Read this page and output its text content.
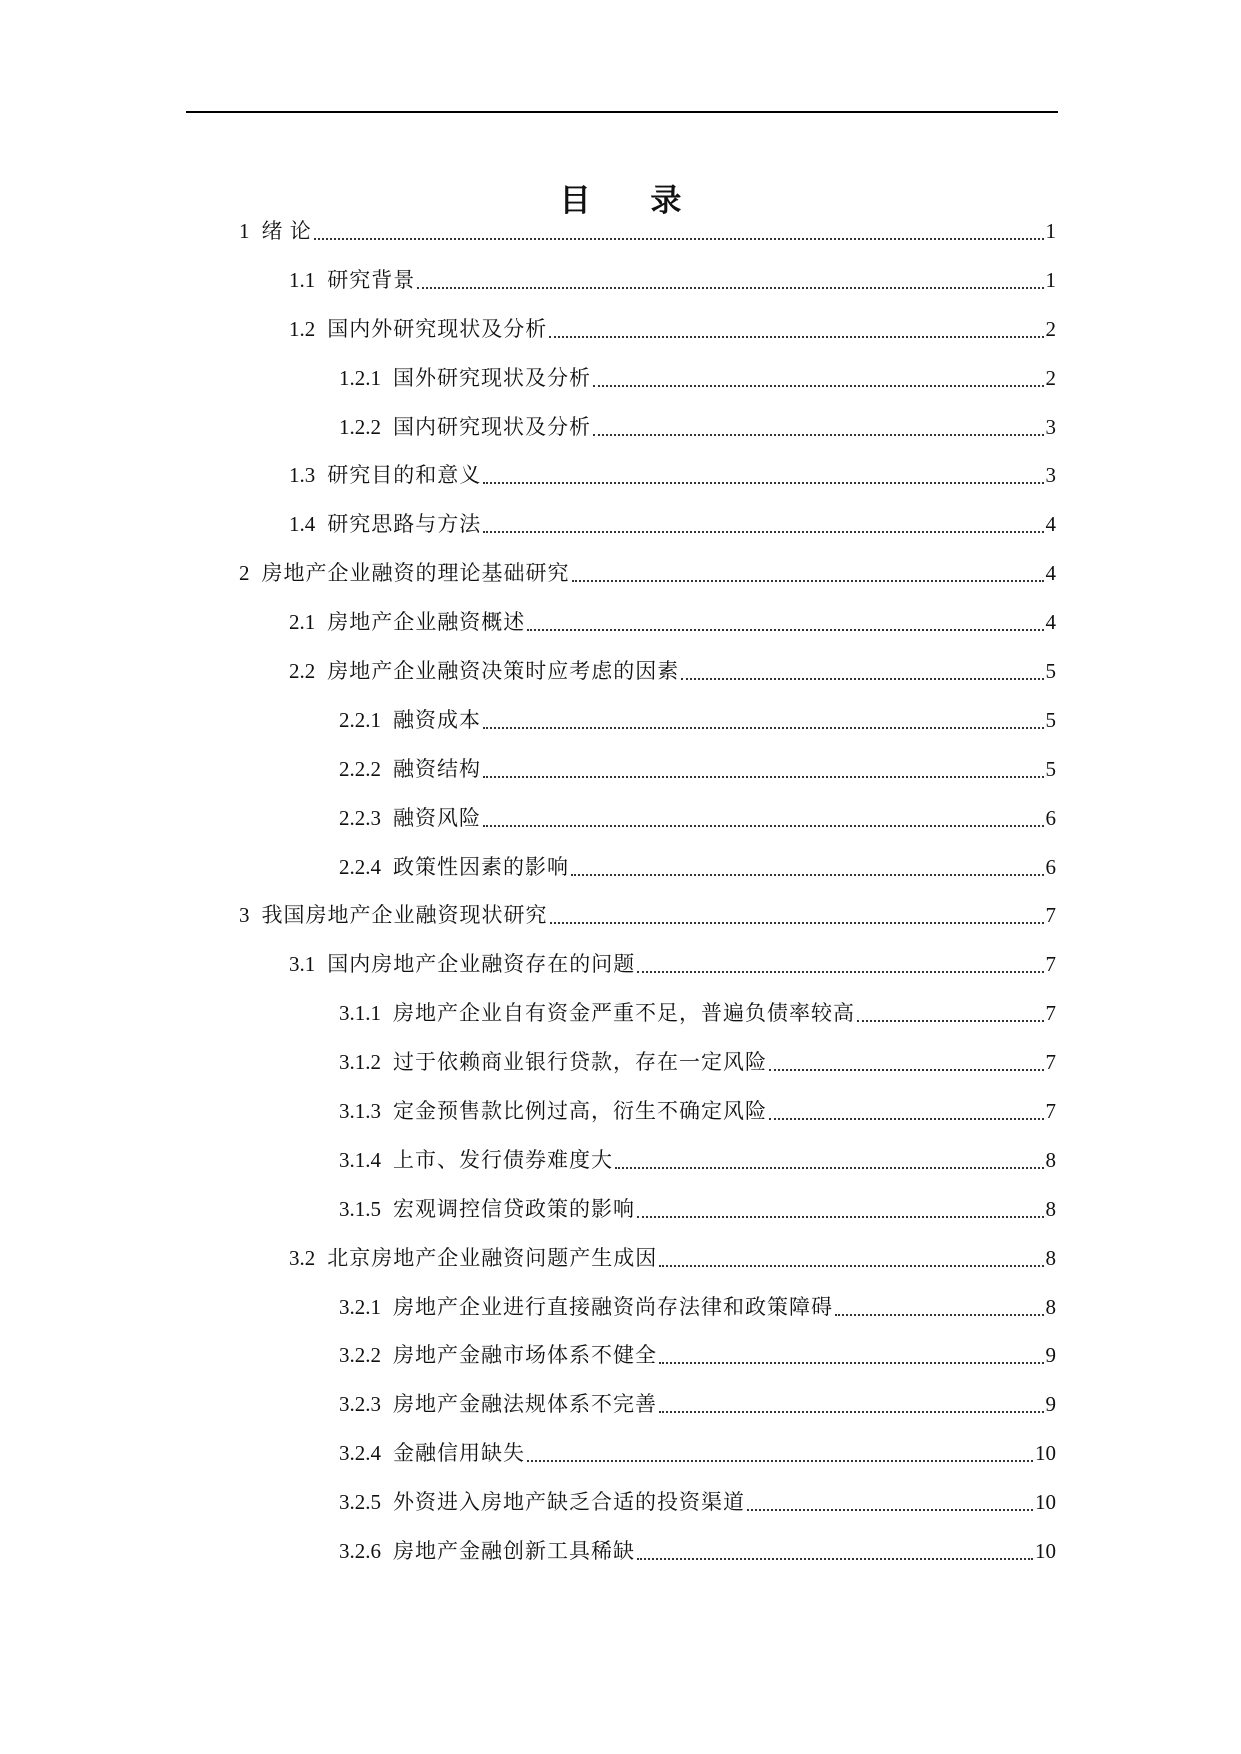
目 录
1 绪 论	1
1.1 研究背景	1
1.2 国内外研究现状及分析	2
1.2.1 国外研究现状及分析	2
1.2.2 国内研究现状及分析	3
1.3 研究目的和意义	3
1.4 研究思路与方法	4
2 房地产企业融资的理论基础研究	4
2.1 房地产企业融资概述	4
2.2 房地产企业融资决策时应考虑的因素	5
2.2.1 融资成本	5
2.2.2 融资结构	5
2.2.3 融资风险	6
2.2.4 政策性因素的影响	6
3 我国房地产企业融资现状研究	7
3.1 国内房地产企业融资存在的问题	7
3.1.1 房地产企业自有资金严重不足，普遍负债率较高	7
3.1.2 过于依赖商业银行贷款，存在一定风险	7
3.1.3 定金预售款比例过高，衍生不确定风险	7
3.1.4 上市、发行债券难度大	8
3.1.5 宏观调控信贷政策的影响	8
3.2 北京房地产企业融资问题产生成因	8
3.2.1 房地产企业进行直接融资尚存法律和政策障碍	8
3.2.2 房地产金融市场体系不健全	9
3.2.3 房地产金融法规体系不完善	9
3.2.4 金融信用缺失	10
3.2.5 外资进入房地产缺乏合适的投资渠道	10
3.2.6 房地产金融创新工具稀缺	10
